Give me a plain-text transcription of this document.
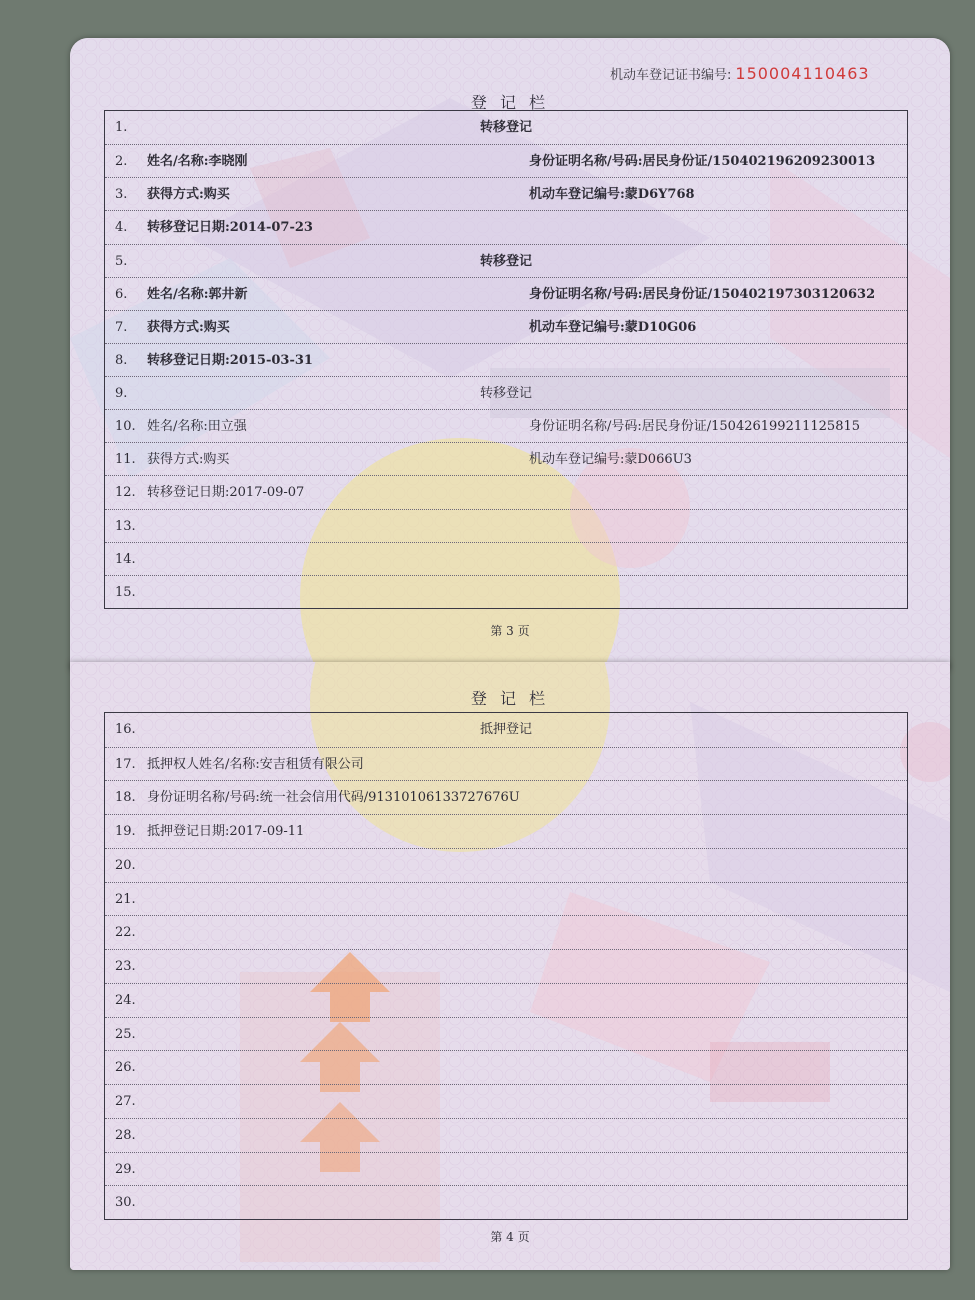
机动车登记证书编号: 150004110463
登 记 栏
1.	转移登记
2. 姓名/名称:李晓刚	身份证明名称/号码:居民身份证/150402196209230013
3. 获得方式:购买	机动车登记编号:蒙D6Y768
4. 转移登记日期:2014-07-23
5.	转移登记
6. 姓名/名称:郭井新	身份证明名称/号码:居民身份证/150402197303120632
7. 获得方式:购买	机动车登记编号:蒙D10G06
8. 转移登记日期:2015-03-31
9.	转移登记
10. 姓名/名称:田立强	身份证明名称/号码:居民身份证/150426199211125815
11. 获得方式:购买	机动车登记编号:蒙D066U3
12. 转移登记日期:2017-09-07
13.
14.
15.
第 3 页
登 记 栏
16.	抵押登记
17. 抵押权人姓名/名称:安吉租赁有限公司
18. 身份证明名称/号码:统一社会信用代码/91310106133727676U
19. 抵押登记日期:2017-09-11
20.
21.
22.
23.
24.
25.
26.
27.
28.
29.
30.
第 4 页
